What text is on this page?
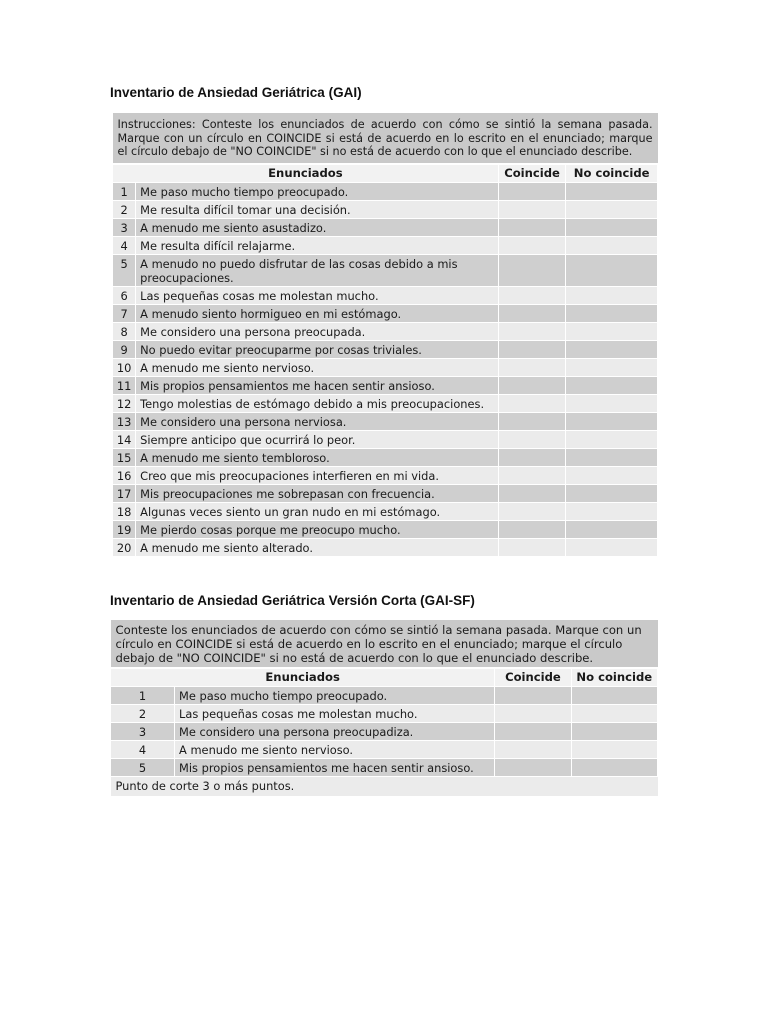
Inventario de Ansiedad Geriátrica (GAI)
Instrucciones: Conteste los enunciados de acuerdo con cómo se sintió la semana pasada. Marque con un círculo en COINCIDE si está de acuerdo en lo escrito en el enunciado; marque el círculo debajo de "NO COINCIDE" si no está de acuerdo con lo que el enunciado describe.			
Enunciados		Coincide	No coincide
1	Me paso mucho tiempo preocupado.		
2	Me resulta difícil tomar una decisión.		
3	A menudo me siento asustadizo.		
4	Me resulta difícil relajarme.		
5	A menudo no puedo disfrutar de las cosas debido a mis preocupaciones.		
6	Las pequeñas cosas me molestan mucho.		
7	A menudo siento hormigueo en mi estómago.		
8	Me considero una persona preocupada.		
9	No puedo evitar preocuparme por cosas triviales.		
10	A menudo me siento nervioso.		
11	Mis propios pensamientos me hacen sentir ansioso.		
12	Tengo molestias de estómago debido a mis preocupaciones.		
13	Me considero una persona nerviosa.		
14	Siempre anticipo que ocurrirá lo peor.		
15	A menudo me siento tembloroso.		
16	Creo que mis preocupaciones interfieren en mi vida.		
17	Mis preocupaciones me sobrepasan con frecuencia.		
18	Algunas veces siento un gran nudo en mi estómago.		
19	Me pierdo cosas porque me preocupo mucho.		
20	A menudo me siento alterado.		
Inventario de Ansiedad Geriátrica Versión Corta (GAI-SF)
Conteste los enunciados de acuerdo con cómo se sintió la semana pasada. Marque con un círculo en COINCIDE si está de acuerdo en lo escrito en el enunciado; marque el círculo debajo de "NO COINCIDE" si no está de acuerdo con lo que el enunciado describe.			
Enunciados		Coincide	No coincide
1	Me paso mucho tiempo preocupado.		
2	Las pequeñas cosas me molestan mucho.		
3	Me considero una persona preocupadiza.		
4	A menudo me siento nervioso.		
5	Mis propios pensamientos me hacen sentir ansioso.		
Punto de corte 3 o más puntos.			
